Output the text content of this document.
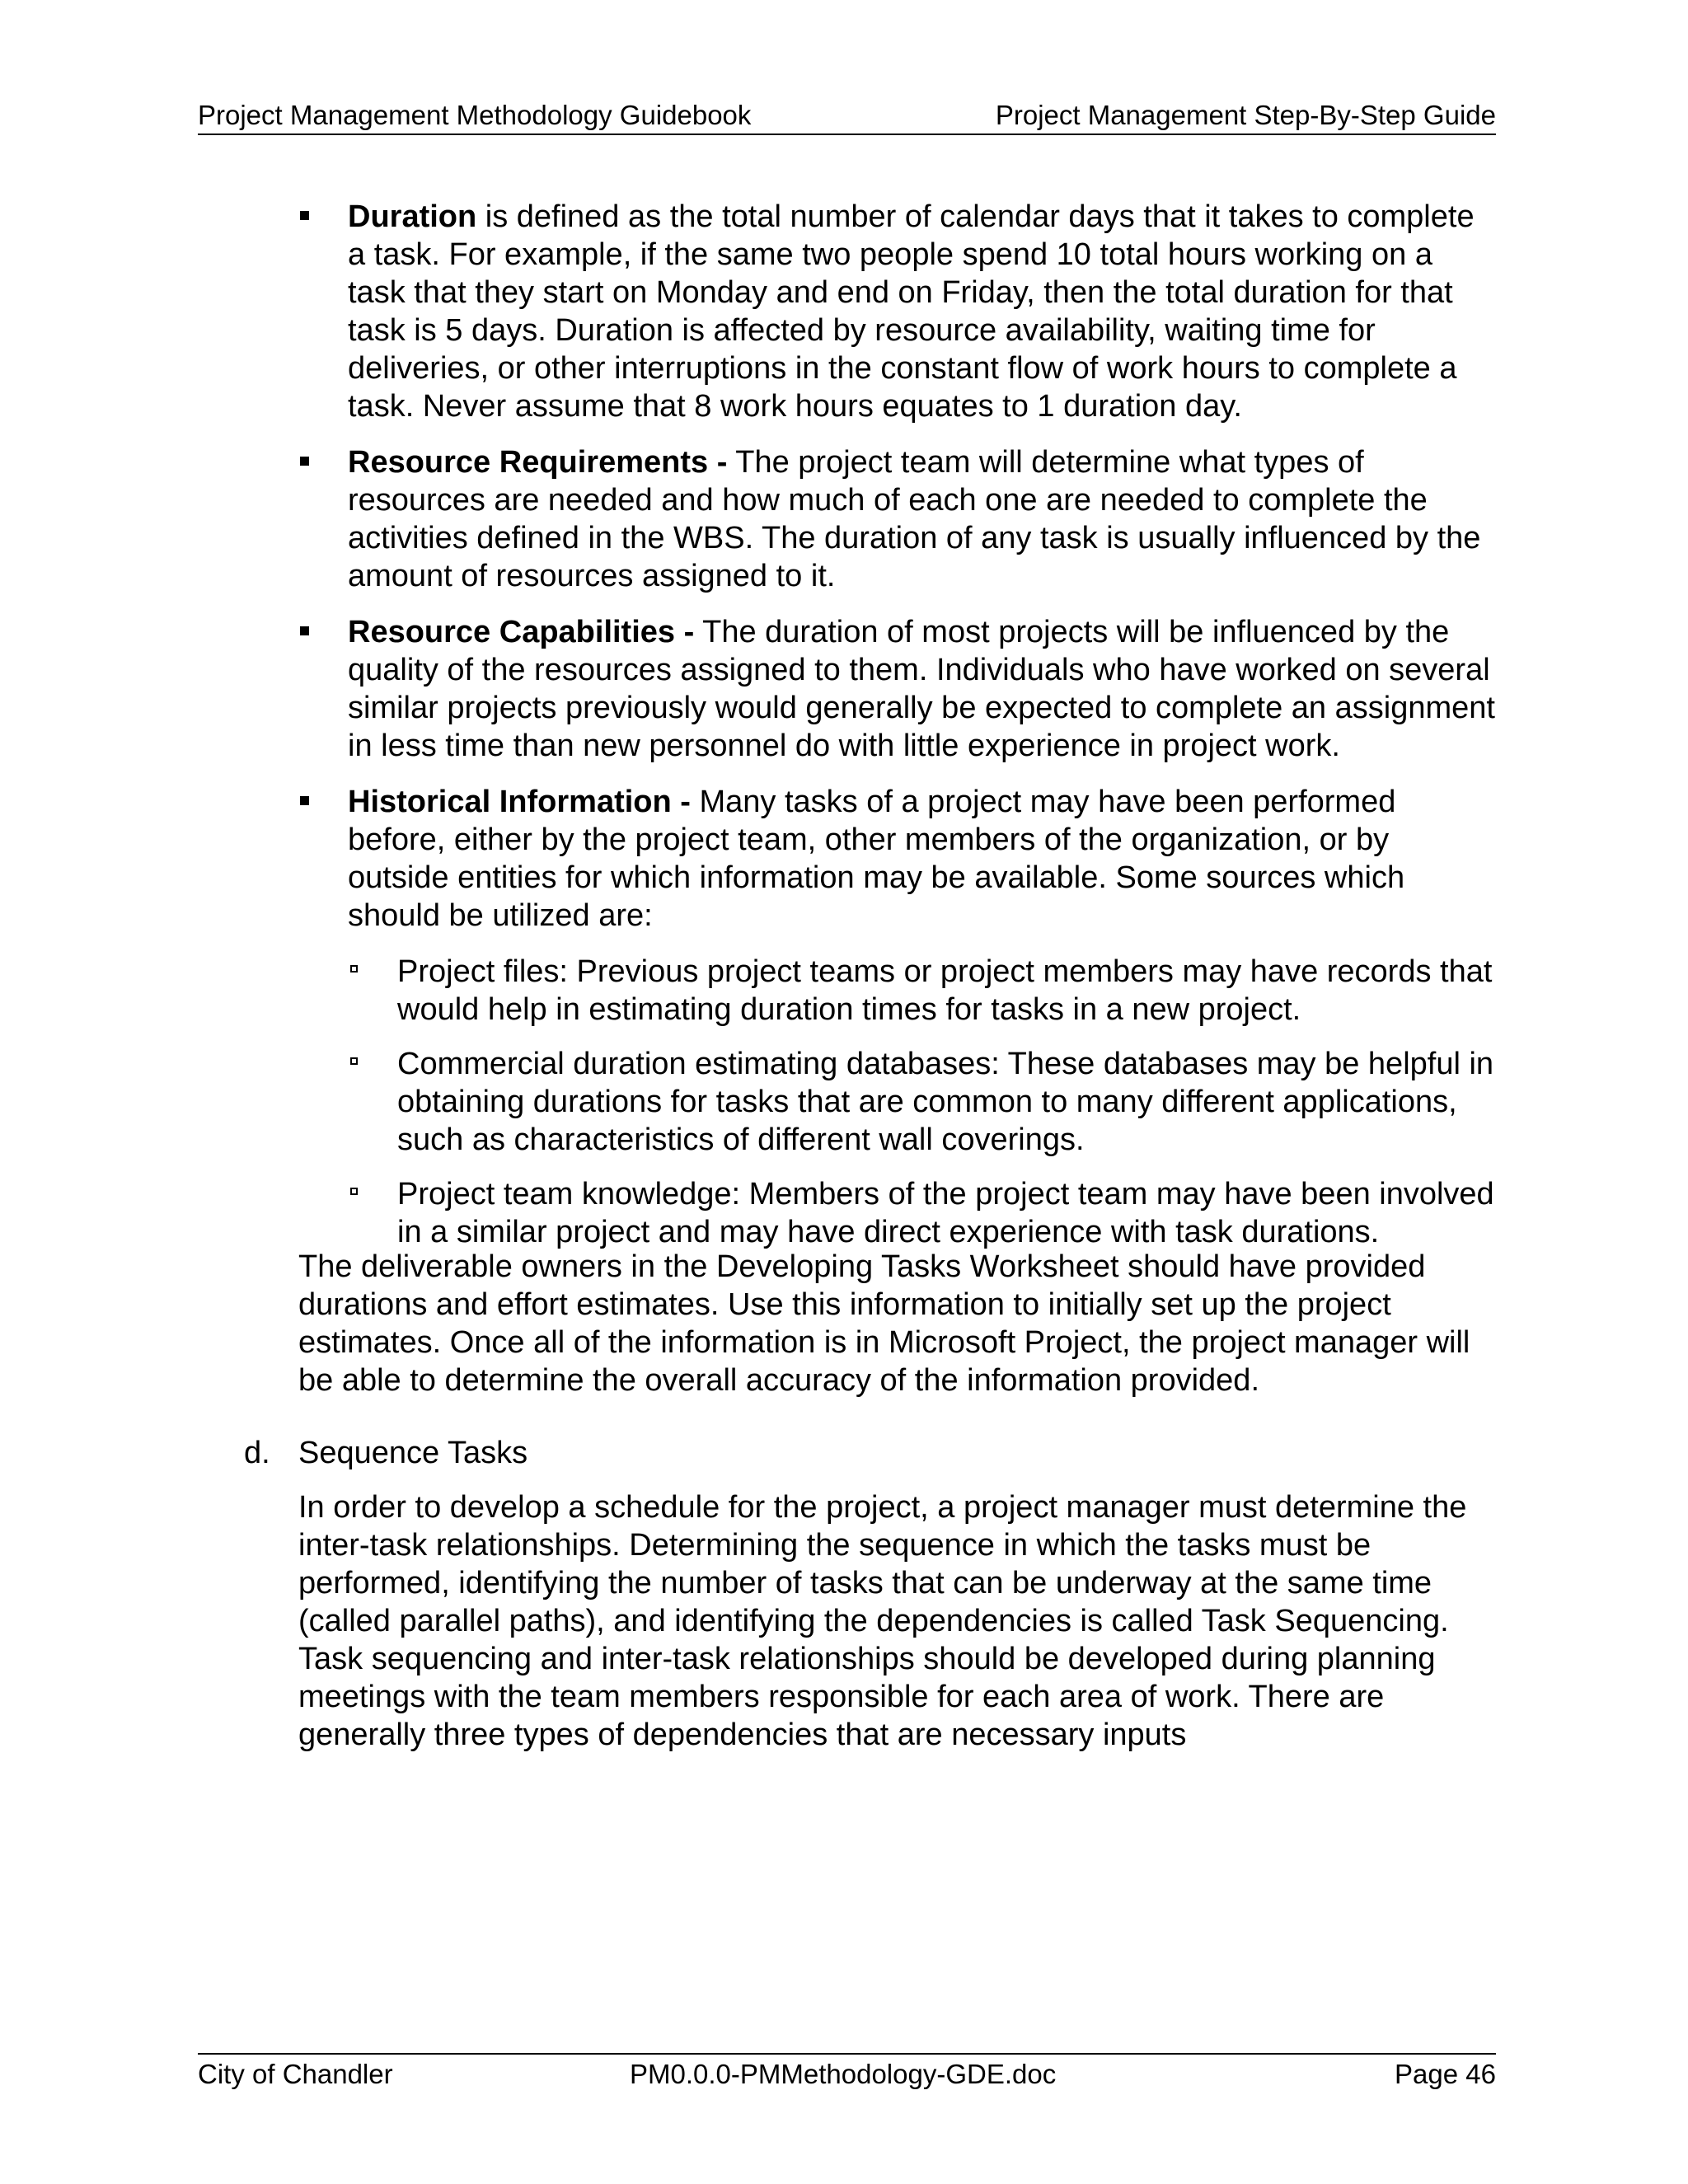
Project Management Methodology Guidebook	Project Management Step-By-Step Guide
Duration is defined as the total number of calendar days that it takes to complete a task. For example, if the same two people spend 10 total hours working on a task that they start on Monday and end on Friday, then the total duration for that task is 5 days. Duration is affected by resource availability, waiting time for deliveries, or other interruptions in the constant flow of work hours to complete a task. Never assume that 8 work hours equates to 1 duration day.
Resource Requirements - The project team will determine what types of resources are needed and how much of each one are needed to complete the activities defined in the WBS. The duration of any task is usually influenced by the amount of resources assigned to it.
Resource Capabilities - The duration of most projects will be influenced by the quality of the resources assigned to them. Individuals who have worked on several similar projects previously would generally be expected to complete an assignment in less time than new personnel do with little experience in project work.
Historical Information - Many tasks of a project may have been performed before, either by the project team, other members of the organization, or by outside entities for which information may be available. Some sources which should be utilized are:
Project files: Previous project teams or project members may have records that would help in estimating duration times for tasks in a new project.
Commercial duration estimating databases: These databases may be helpful in obtaining durations for tasks that are common to many different applications, such as characteristics of different wall coverings.
Project team knowledge: Members of the project team may have been involved in a similar project and may have direct experience with task durations.

The deliverable owners in the Developing Tasks Worksheet should have provided durations and effort estimates. Use this information to initially set up the project estimates. Once all of the information is in Microsoft Project, the project manager will be able to determine the overall accuracy of the information provided.

d. Sequence Tasks

In order to develop a schedule for the project, a project manager must determine the inter-task relationships. Determining the sequence in which the tasks must be performed, identifying the number of tasks that can be underway at the same time (called parallel paths), and identifying the dependencies is called Task Sequencing. Task sequencing and inter-task relationships should be developed during planning meetings with the team members responsible for each area of work. There are generally three types of dependencies that are necessary inputs

City of Chandler	PM0.0.0-PMMethodology-GDE.doc	Page 46
